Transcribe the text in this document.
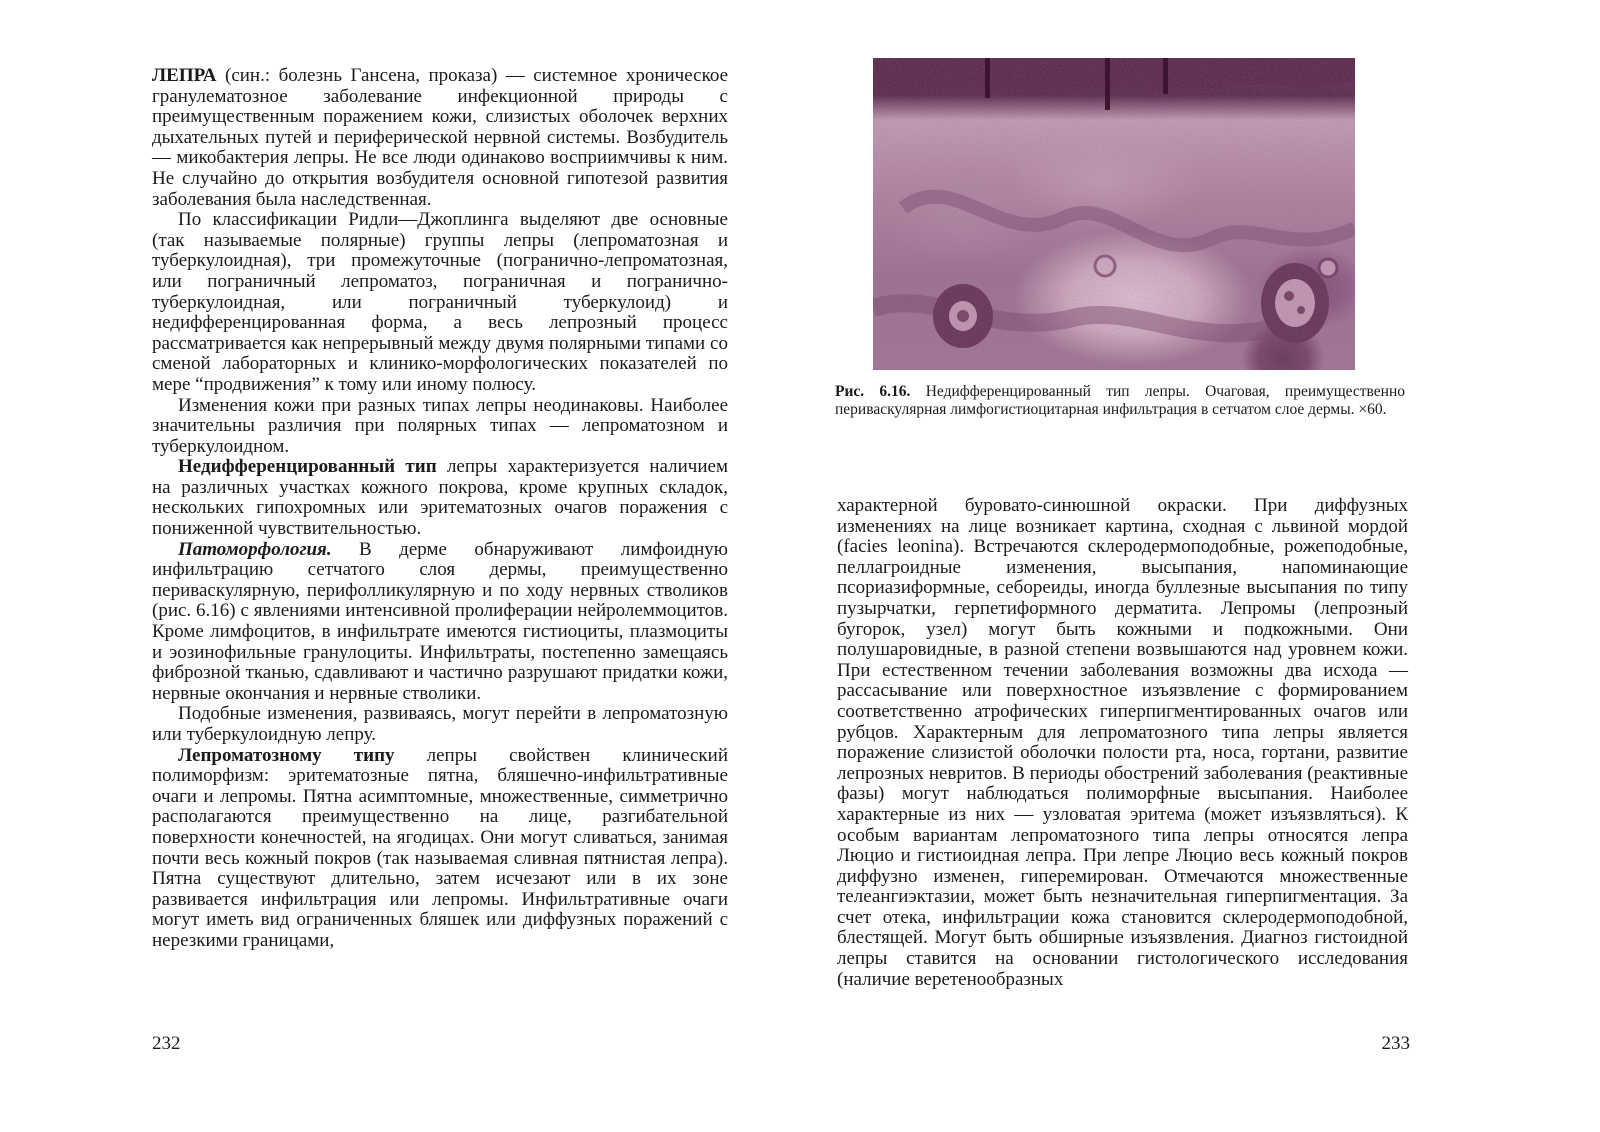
ЛЕПРА (син.: болезнь Гансена, проказа) — системное хроническое гранулематозное заболевание инфекционной природы с преимущественным поражением кожи, слизистых оболочек верхних дыхательных путей и периферической нервной системы. Возбудитель — микобактерия лепры. Не все люди одинаково восприимчивы к ним. Не случайно до открытия возбудителя основной гипотезой развития заболевания была наследственная.

По классификации Ридли—Джоплинга выделяют две основные (так называемые полярные) группы лепры (лепроматозная и туберкулоидная), три промежуточные (погранично-лепроматозная, или пограничный лепроматоз, пограничная и погранично-туберкулоидная, или пограничный туберкулоид) и недифференцированная форма, а весь лепрозный процесс рассматривается как непрерывный между двумя полярными типами со сменой лабораторных и клинико-морфологических показателей по мере “продвижения” к тому или иному полюсу.

Изменения кожи при разных типах лепры неодинаковы. Наиболее значительны различия при полярных типах — лепроматозном и туберкулоидном.

Недифференцированный тип лепры характеризуется наличием на различных участках кожного покрова, кроме крупных складок, нескольких гипохромных или эритематозных очагов поражения с пониженной чувствительностью.

Патоморфология. В дерме обнаруживают лимфоидную инфильтрацию сетчатого слоя дермы, преимущественно периваскулярную, перифолликулярную и по ходу нервных стволиков (рис. 6.16) с явлениями интенсивной пролиферации нейролеммоцитов. Кроме лимфоцитов, в инфильтрате имеются гистиоциты, плазмоциты и эозинофильные гранулоциты. Инфильтраты, постепенно замещаясь фиброзной тканью, сдавливают и частично разрушают придатки кожи, нервные окончания и нервные стволики.

Подобные изменения, развиваясь, могут перейти в лепроматозную или туберкулоидную лепру.

Лепроматозному типу лепры свойствен клинический полиморфизм: эритематозные пятна, бляшечно-инфильтративные очаги и лепромы. Пятна асимптомные, множественные, симметрично располагаются преимущественно на лице, разгибательной поверхности конечностей, на ягодицах. Они могут сливаться, занимая почти весь кожный покров (так называемая сливная пятнистая лепра). Пятна существуют длительно, затем исчезают или в их зоне развивается инфильтрация или лепромы. Инфильтративные очаги могут иметь вид ограниченных бляшек или диффузных поражений с нерезкими границами,

232
Рис. 6.16. Недифференцированный тип лепры. Очаговая, преимущественно периваскулярная лимфогистиоцитарная инфильтрация в сетчатом слое дермы. ×60.

характерной буровато-синюшной окраски. При диффузных изменениях на лице возникает картина, сходная с львиной мордой (facies leonina). Встречаются склеродермоподобные, рожеподобные, пеллагроидные изменения, высыпания, напоминающие псориазиформные, себореиды, иногда буллезные высыпания по типу пузырчатки, герпетиформного дерматита. Лепромы (лепрозный бугорок, узел) могут быть кожными и подкожными. Они полушаровидные, в разной степени возвышаются над уровнем кожи. При естественном течении заболевания возможны два исхода — рассасывание или поверхностное изъязвление с формированием соответственно атрофических гиперпигментированных очагов или рубцов. Характерным для лепроматозного типа лепры является поражение слизистой оболочки полости рта, носа, гортани, развитие лепрозных невритов. В периоды обострений заболевания (реактивные фазы) могут наблюдаться полиморфные высыпания. Наиболее характерные из них — узловатая эритема (может изъязвляться). К особым вариантам лепроматозного типа лепры относятся лепра Люцио и гистиоидная лепра. При лепре Люцио весь кожный покров диффузно изменен, гиперемирован. Отмечаются множественные телеангиэктазии, может быть незначительная гиперпигментация. За счет отека, инфильтрации кожа становится склеродермоподобной, блестящей. Могут быть обширные изъязвления. Диагноз гистоидной лепры ставится на основании гистологического исследования (наличие веретенообразных

233
